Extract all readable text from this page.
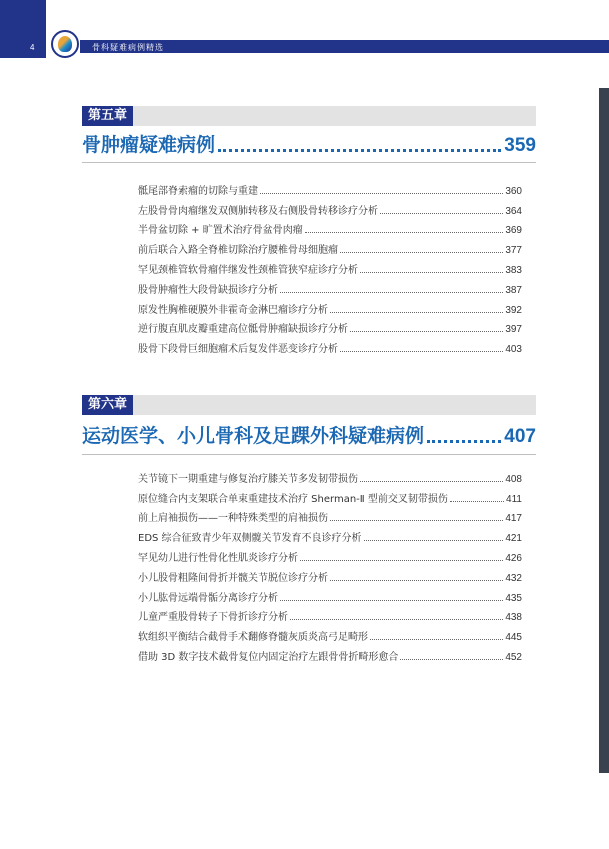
4	骨科疑难病例精选
第五章
骨肿瘤疑难病例	359
骶尾部脊索瘤的切除与重建	360
左股骨骨肉瘤继发双侧肺转移及右侧股骨转移诊疗分析	364
半骨盆切除 + 旷置术治疗骨盆骨肉瘤	369
前后联合入路全脊椎切除治疗腰椎骨母细胞瘤	377
罕见颈椎管软骨瘤伴继发性颈椎管狭窄症诊疗分析	383
股骨肿瘤性大段骨缺损诊疗分析	387
原发性胸椎硬膜外非霍奇金淋巴瘤诊疗分析	392
逆行腹直肌皮瓣重建高位骶骨肿瘤缺损诊疗分析	397
股骨下段骨巨细胞瘤术后复发伴恶变诊疗分析	403
第六章
运动医学、小儿骨科及足踝外科疑难病例	407
关节镜下一期重建与修复治疗膝关节多发韧带损伤	408
原位缝合内支架联合单束重建技术治疗 Sherman-Ⅱ 型前交叉韧带损伤	411
前上肩袖损伤——一种特殊类型的肩袖损伤	417
EDS 综合征致青少年双侧髋关节发育不良诊疗分析	421
罕见幼儿进行性骨化性肌炎诊疗分析	426
小儿股骨粗隆间骨折并髋关节脱位诊疗分析	432
小儿肱骨远端骨骺分离诊疗分析	435
儿童严重股骨转子下骨折诊疗分析	438
软组织平衡结合截骨手术翻修脊髓灰质炎高弓足畸形	445
借助 3D 数字技术截骨复位内固定治疗左跟骨骨折畸形愈合	452
